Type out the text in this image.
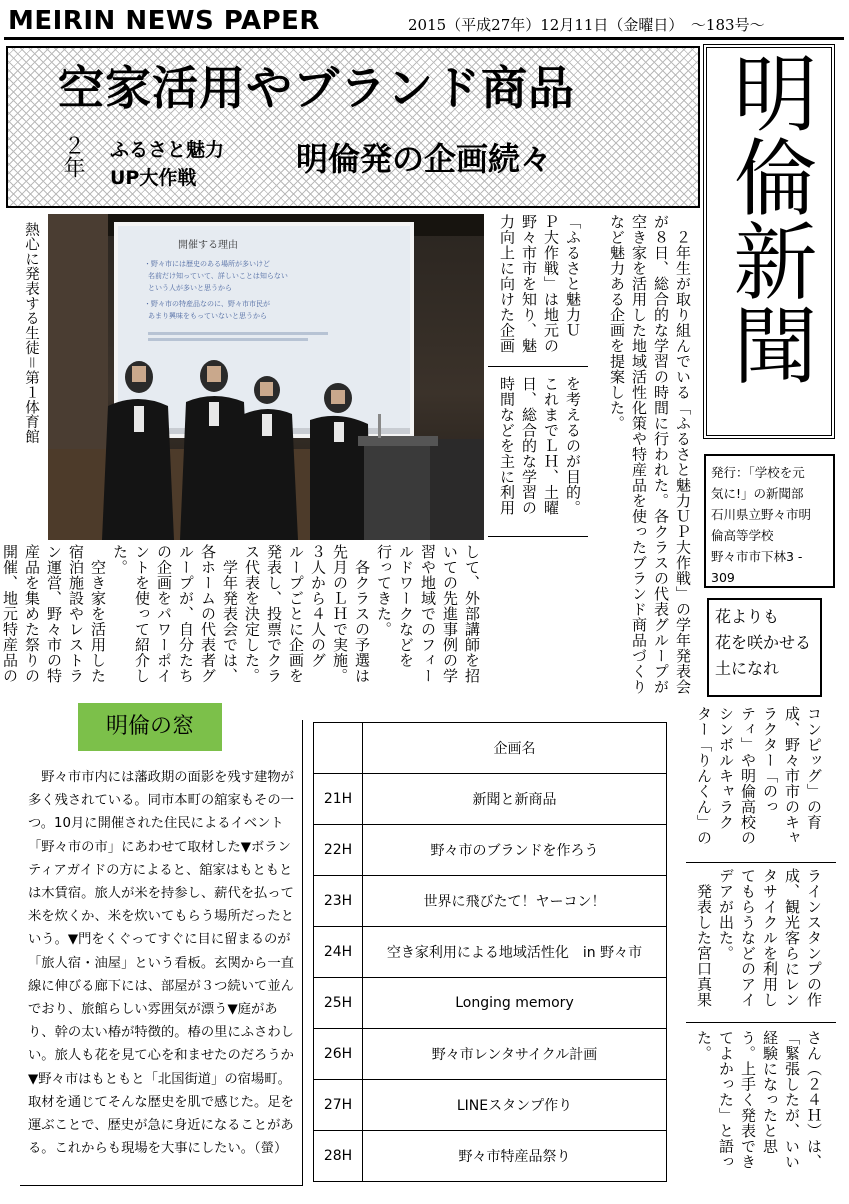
MEIRIN NEWS PAPER	2015（平成27年）12月11日（金曜日）　～183号～
空家活用やブランド商品
２年 ふるさと魅力
UP大作戦	明倫発の企画続々 明倫新聞
発行：「学校を元
気に!」の新聞部
石川県立野々市明
倫高等学校
野々市市下林3 -
309
花よりも
花を咲かせる
土になれ
熱心に発表する生徒＝第１体育館	開催する理由
・野々市には歴史のある場所が多いけど
名前だけ知っていて、詳しいことは知らない
という人が多いと思うから
・野々市の特産品なのに、野々市市民が
あまり興味をもっていないと思うから	　２年生が取り組んでいる「ふるさと魅力ＵＰ大作戦」の学年発表会
が８日、総合的な学習の時間に行われた。各クラスの代表グループが
空き家を活用した地域活性化策や特産品を使ったブランド商品づくり
など魅力ある企画を提案した。
「ふるさと魅力Ｕ
Ｐ大作戦」は地元の
野々市市を知り、魅
力向上に向けた企画
を考えるのが目的。
これまでＬＨ、土曜
日、総合的な学習の
時間などを主に利用
して、外部講師を招
いての先進事例の学
習や地域でのフィー
ルドワークなどを
行ってきた。
　各クラスの予選は
先月のＬＨで実施。
３人から４人のグ
ループごとに企画を
発表し、投票でクラ
ス代表を決定した。
　学年発表会では、
各ホームの代表者グ
ループが、自分たち
の企画をパワーポイ
ントを使って紹介し
た。
　空き家を活用した
宿泊施設やレストラ
ン運営、野々市の特
産品を集めた祭りの
開催、地元特産品の

コンピッグ」の育
成、野々市市のキャ
ラクター「のっ
ティ」や明倫高校の
シンボルキャラク
ター「りんくん」の
ラインスタンプの作
成、観光客らにレン
タサイクルを利用し
てもらうなどのアイ
デアが出た。
　発表した宮口真果
さん（２４Ｈ）は、
「緊張したが、いい
経験になったと思
う。上手く発表でき
てよかった」と語っ
た。
明倫の窓
野々市市内には藩政期の面影を残す建物が多く残されている。同市本町の舘家もその一つ。10月に開催された住民によるイベント「野々市の市」にあわせて取材した▼ボランティアガイドの方によると、舘家はもともとは木賃宿。旅人が米を持参し、薪代を払って米を炊くか、米を炊いてもらう場所だったという。▼門をくぐってすぐに目に留まるのが「旅人宿・油屋」という看板。玄関から一直線に伸びる廊下には、部屋が３つ続いて並んでおり、旅館らしい雰囲気が漂う▼庭があり、幹の太い椿が特徴的。椿の里にふさわしい。旅人も花を見て心を和ませたのだろうか▼野々市はもともと「北国街道」の宿場町。取材を通じてそんな歴史を肌で感じた。足を運ぶことで、歴史が急に身近になることがある。これからも現場を大事にしたい。（螢）
	企画名
21H	新聞と新商品
22H	野々市のブランドを作ろう
23H	世界に飛びたて！ヤーコン！
24H	空き家利用による地域活性化　in 野々市
25H	Longing memory
26H	野々市レンタサイクル計画
27H	LINEスタンプ作り
28H	野々市特産品祭り
